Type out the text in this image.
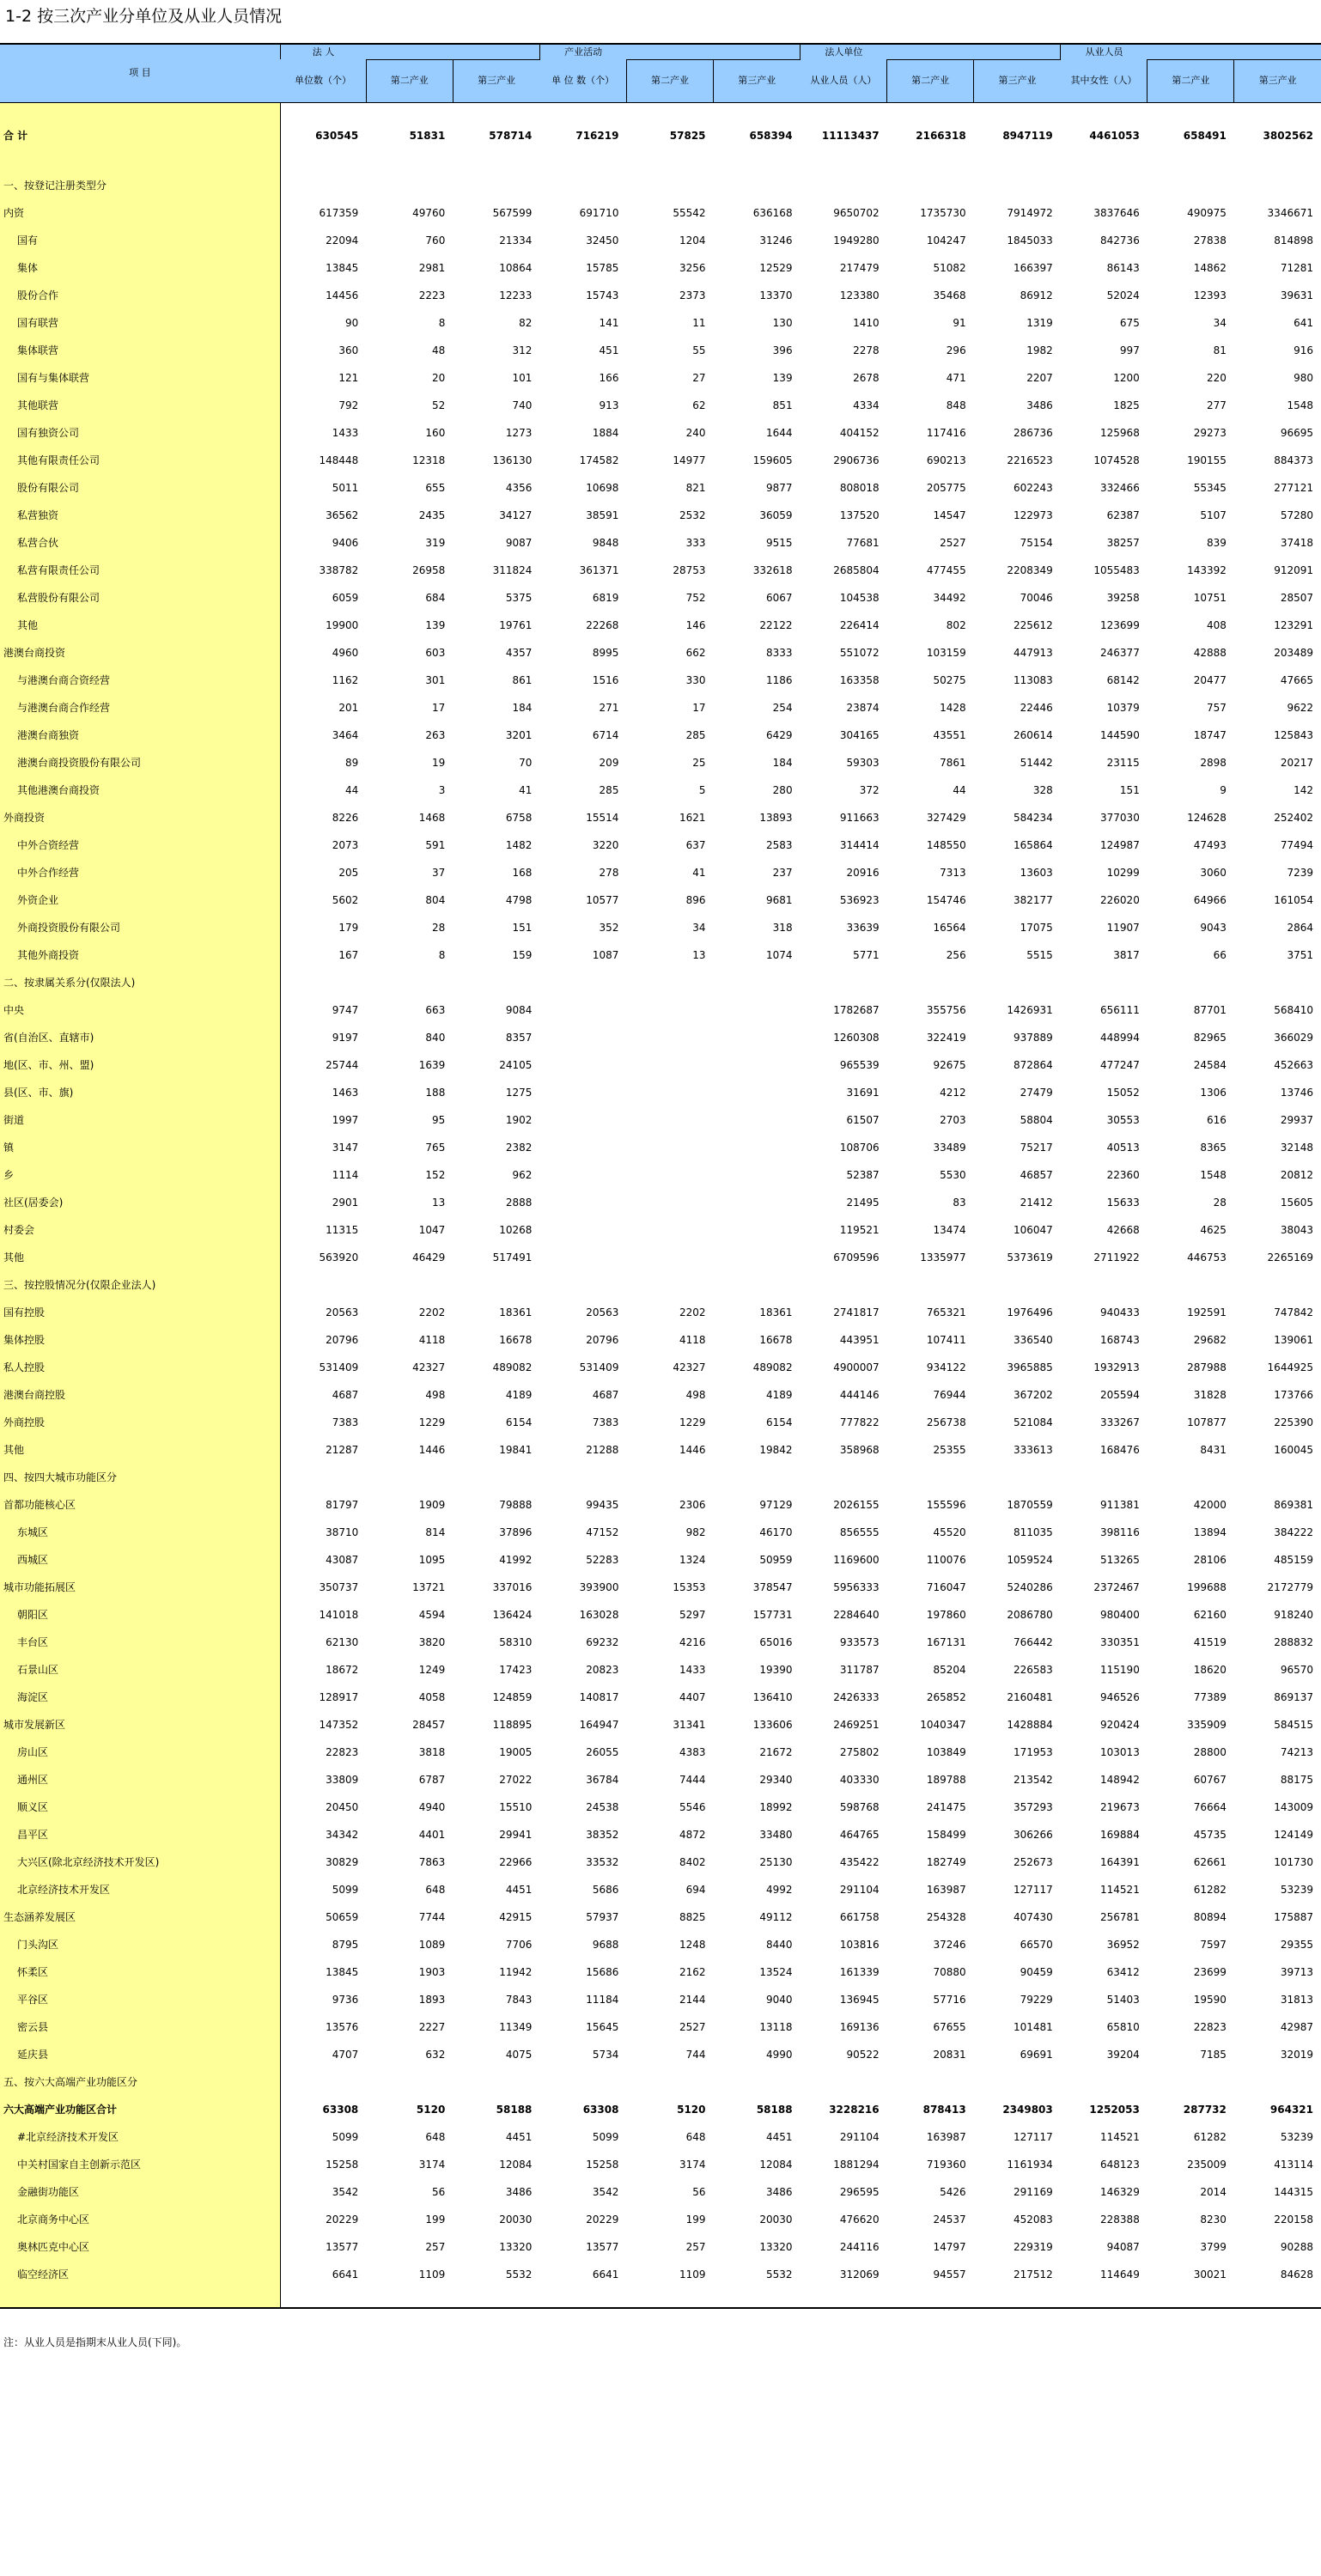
1-2 按三次产业分单位及从业人员情况
项 目	法 人			产业活动			法人单位			从业人员		
	单位数（个）	第二产业	第三产业	单 位 数（个）	第二产业	第三产业	从业人员（人）	第二产业	第三产业	其中女性（人）	第二产业	第三产业

合 计	630545	51831	578714	716219	57825	658394	11113437	2166318	8947119	4461053	658491	3802562

一、按登记注册类型分												
内资	617359	49760	567599	691710	55542	636168	9650702	1735730	7914972	3837646	490975	3346671
国有	22094	760	21334	32450	1204	31246	1949280	104247	1845033	842736	27838	814898
集体	13845	2981	10864	15785	3256	12529	217479	51082	166397	86143	14862	71281
股份合作	14456	2223	12233	15743	2373	13370	123380	35468	86912	52024	12393	39631
国有联营	90	8	82	141	11	130	1410	91	1319	675	34	641
集体联营	360	48	312	451	55	396	2278	296	1982	997	81	916
国有与集体联营	121	20	101	166	27	139	2678	471	2207	1200	220	980
其他联营	792	52	740	913	62	851	4334	848	3486	1825	277	1548
国有独资公司	1433	160	1273	1884	240	1644	404152	117416	286736	125968	29273	96695
其他有限责任公司	148448	12318	136130	174582	14977	159605	2906736	690213	2216523	1074528	190155	884373
股份有限公司	5011	655	4356	10698	821	9877	808018	205775	602243	332466	55345	277121
私营独资	36562	2435	34127	38591	2532	36059	137520	14547	122973	62387	5107	57280
私营合伙	9406	319	9087	9848	333	9515	77681	2527	75154	38257	839	37418
私营有限责任公司	338782	26958	311824	361371	28753	332618	2685804	477455	2208349	1055483	143392	912091
私营股份有限公司	6059	684	5375	6819	752	6067	104538	34492	70046	39258	10751	28507
其他	19900	139	19761	22268	146	22122	226414	802	225612	123699	408	123291
港澳台商投资	4960	603	4357	8995	662	8333	551072	103159	447913	246377	42888	203489
与港澳台商合资经营	1162	301	861	1516	330	1186	163358	50275	113083	68142	20477	47665
与港澳台商合作经营	201	17	184	271	17	254	23874	1428	22446	10379	757	9622
港澳台商独资	3464	263	3201	6714	285	6429	304165	43551	260614	144590	18747	125843
港澳台商投资股份有限公司	89	19	70	209	25	184	59303	7861	51442	23115	2898	20217
其他港澳台商投资	44	3	41	285	5	280	372	44	328	151	9	142
外商投资	8226	1468	6758	15514	1621	13893	911663	327429	584234	377030	124628	252402
中外合资经营	2073	591	1482	3220	637	2583	314414	148550	165864	124987	47493	77494
中外合作经营	205	37	168	278	41	237	20916	7313	13603	10299	3060	7239
外资企业	5602	804	4798	10577	896	9681	536923	154746	382177	226020	64966	161054
外商投资股份有限公司	179	28	151	352	34	318	33639	16564	17075	11907	9043	2864
其他外商投资	167	8	159	1087	13	1074	5771	256	5515	3817	66	3751
二、按隶属关系分(仅限法人)												
中央	9747	663	9084				1782687	355756	1426931	656111	87701	568410
省(自治区、直辖市)	9197	840	8357				1260308	322419	937889	448994	82965	366029
地(区、市、州、盟)	25744	1639	24105				965539	92675	872864	477247	24584	452663
县(区、市、旗)	1463	188	1275				31691	4212	27479	15052	1306	13746
街道	1997	95	1902				61507	2703	58804	30553	616	29937
镇	3147	765	2382				108706	33489	75217	40513	8365	32148
乡	1114	152	962				52387	5530	46857	22360	1548	20812
社区(居委会)	2901	13	2888				21495	83	21412	15633	28	15605
村委会	11315	1047	10268				119521	13474	106047	42668	4625	38043
其他	563920	46429	517491				6709596	1335977	5373619	2711922	446753	2265169
三、按控股情况分(仅限企业法人)												
国有控股	20563	2202	18361	20563	2202	18361	2741817	765321	1976496	940433	192591	747842
集体控股	20796	4118	16678	20796	4118	16678	443951	107411	336540	168743	29682	139061
私人控股	531409	42327	489082	531409	42327	489082	4900007	934122	3965885	1932913	287988	1644925
港澳台商控股	4687	498	4189	4687	498	4189	444146	76944	367202	205594	31828	173766
外商控股	7383	1229	6154	7383	1229	6154	777822	256738	521084	333267	107877	225390
其他	21287	1446	19841	21288	1446	19842	358968	25355	333613	168476	8431	160045
四、按四大城市功能区分												
首都功能核心区	81797	1909	79888	99435	2306	97129	2026155	155596	1870559	911381	42000	869381
东城区	38710	814	37896	47152	982	46170	856555	45520	811035	398116	13894	384222
西城区	43087	1095	41992	52283	1324	50959	1169600	110076	1059524	513265	28106	485159
城市功能拓展区	350737	13721	337016	393900	15353	378547	5956333	716047	5240286	2372467	199688	2172779
朝阳区	141018	4594	136424	163028	5297	157731	2284640	197860	2086780	980400	62160	918240
丰台区	62130	3820	58310	69232	4216	65016	933573	167131	766442	330351	41519	288832
石景山区	18672	1249	17423	20823	1433	19390	311787	85204	226583	115190	18620	96570
海淀区	128917	4058	124859	140817	4407	136410	2426333	265852	2160481	946526	77389	869137
城市发展新区	147352	28457	118895	164947	31341	133606	2469251	1040347	1428884	920424	335909	584515
房山区	22823	3818	19005	26055	4383	21672	275802	103849	171953	103013	28800	74213
通州区	33809	6787	27022	36784	7444	29340	403330	189788	213542	148942	60767	88175
顺义区	20450	4940	15510	24538	5546	18992	598768	241475	357293	219673	76664	143009
昌平区	34342	4401	29941	38352	4872	33480	464765	158499	306266	169884	45735	124149
大兴区(除北京经济技术开发区)	30829	7863	22966	33532	8402	25130	435422	182749	252673	164391	62661	101730
北京经济技术开发区	5099	648	4451	5686	694	4992	291104	163987	127117	114521	61282	53239
生态涵养发展区	50659	7744	42915	57937	8825	49112	661758	254328	407430	256781	80894	175887
门头沟区	8795	1089	7706	9688	1248	8440	103816	37246	66570	36952	7597	29355
怀柔区	13845	1903	11942	15686	2162	13524	161339	70880	90459	63412	23699	39713
平谷区	9736	1893	7843	11184	2144	9040	136945	57716	79229	51403	19590	31813
密云县	13576	2227	11349	15645	2527	13118	169136	67655	101481	65810	22823	42987
延庆县	4707	632	4075	5734	744	4990	90522	20831	69691	39204	7185	32019
五、按六大高端产业功能区分												
六大高端产业功能区合计	63308	5120	58188	63308	5120	58188	3228216	878413	2349803	1252053	287732	964321
#北京经济技术开发区	5099	648	4451	5099	648	4451	291104	163987	127117	114521	61282	53239
中关村国家自主创新示范区	15258	3174	12084	15258	3174	12084	1881294	719360	1161934	648123	235009	413114
金融街功能区	3542	56	3486	3542	56	3486	296595	5426	291169	146329	2014	144315
北京商务中心区	20229	199	20030	20229	199	20030	476620	24537	452083	228388	8230	220158
奥林匹克中心区	13577	257	13320	13577	257	13320	244116	14797	229319	94087	3799	90288
临空经济区	6641	1109	5532	6641	1109	5532	312069	94557	217512	114649	30021	84628

注：从业人员是指期末从业人员(下同)。
